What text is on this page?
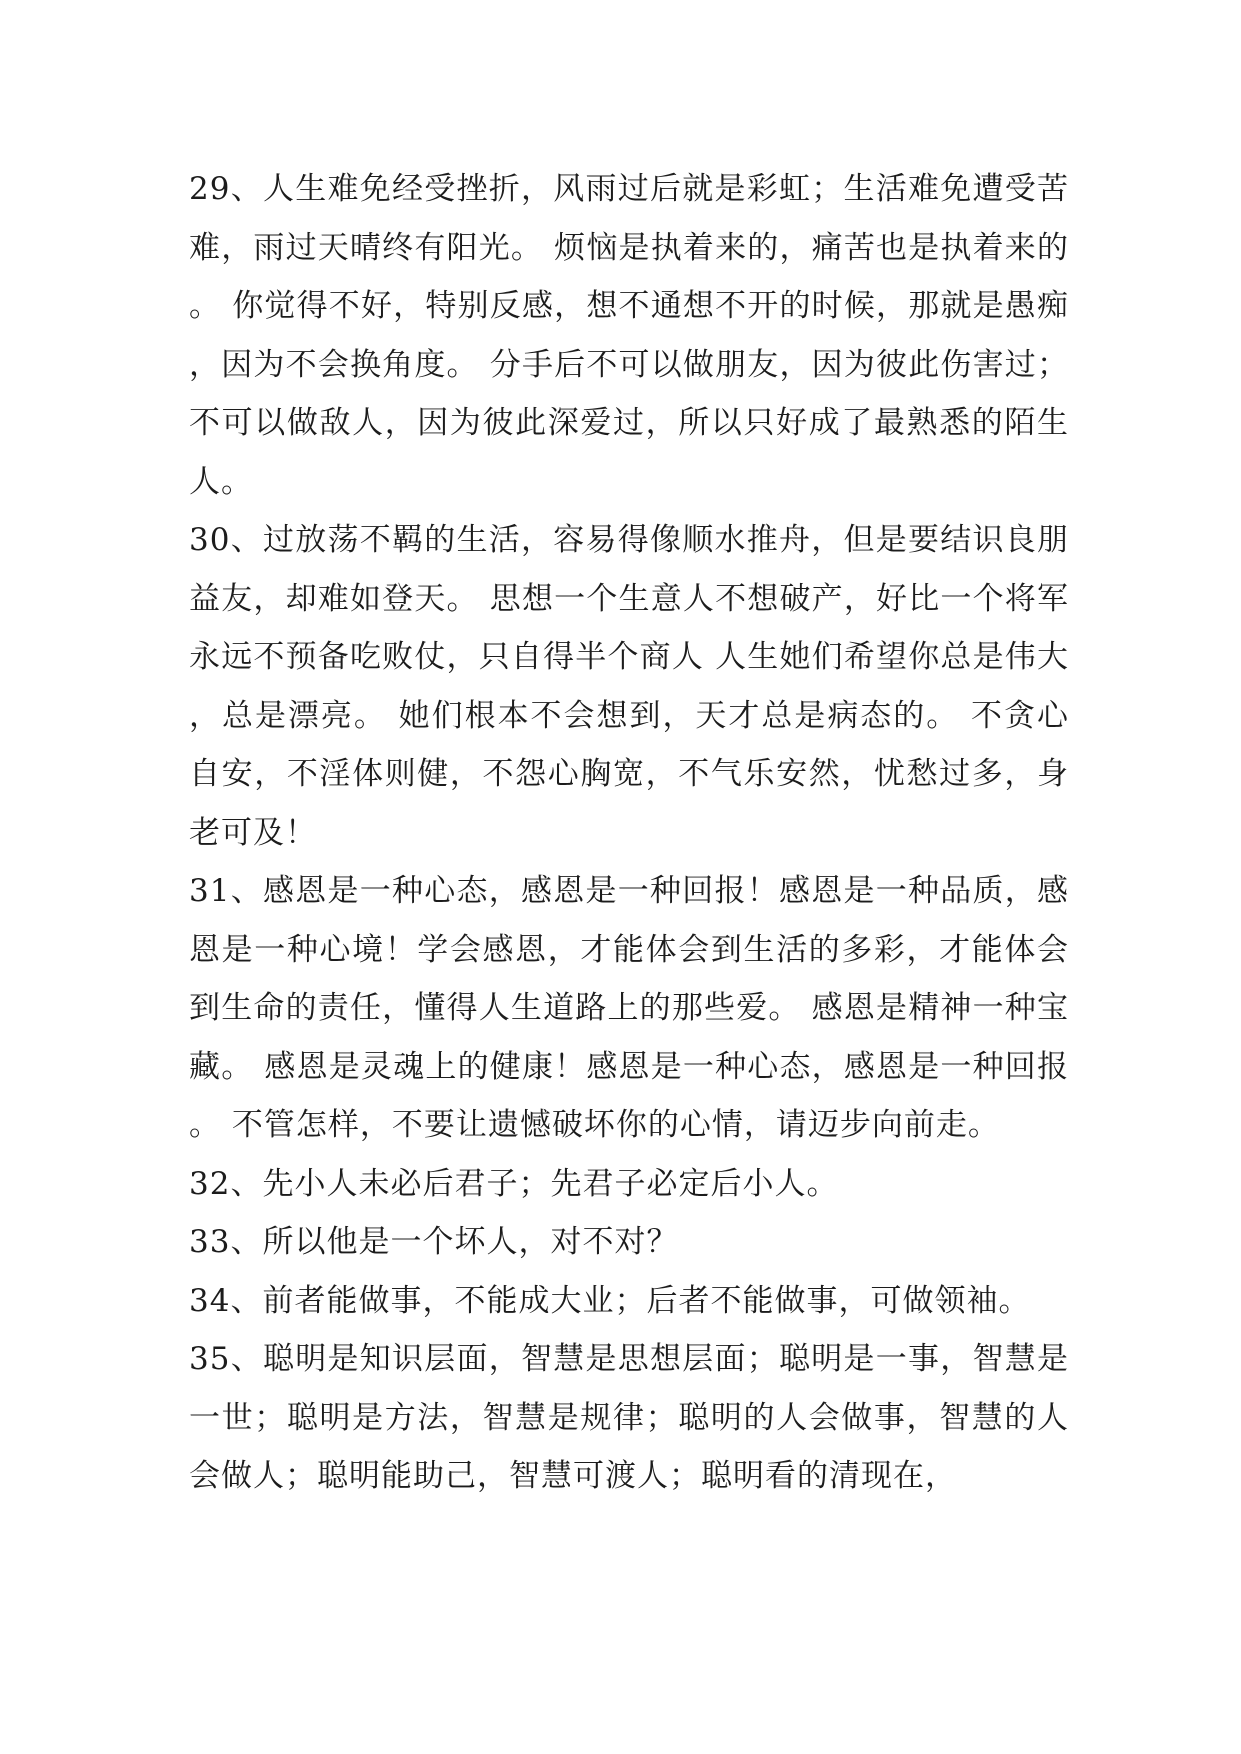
29、人生难免经受挫折，风雨过后就是彩虹；生活难免遭受苦难，雨过天晴终有阳光。 烦恼是执着来的，痛苦也是执着来的。 你觉得不好，特别反感，想不通想不开的时候，那就是愚痴，因为不会换角度。 分手后不可以做朋友，因为彼此伤害过；不可以做敌人，因为彼此深爱过，所以只好成了最熟悉的陌生人。

30、过放荡不羁的生活，容易得像顺水推舟，但是要结识良朋益友，却难如登天。 思想一个生意人不想破产，好比一个将军永远不预备吃败仗，只自得半个商人 人生她们希望你总是伟大，总是漂亮。 她们根本不会想到，天才总是病态的。 不贪心自安，不淫体则健，不怨心胸宽，不气乐安然，忧愁过多，身老可及！

31、感恩是一种心态，感恩是一种回报！感恩是一种品质，感恩是一种心境！学会感恩，才能体会到生活的多彩，才能体会到生命的责任，懂得人生道路上的那些爱。 感恩是精神一种宝藏。 感恩是灵魂上的健康！感恩是一种心态，感恩是一种回报。 不管怎样，不要让遗憾破坏你的心情，请迈步向前走。

32、先小人未必后君子；先君子必定后小人。

33、所以他是一个坏人，对不对？

34、前者能做事，不能成大业；后者不能做事，可做领袖。

35、聪明是知识层面，智慧是思想层面；聪明是一事，智慧是一世；聪明是方法，智慧是规律；聪明的人会做事，智慧的人会做人；聪明能助己，智慧可渡人；聪明看的清现在，
